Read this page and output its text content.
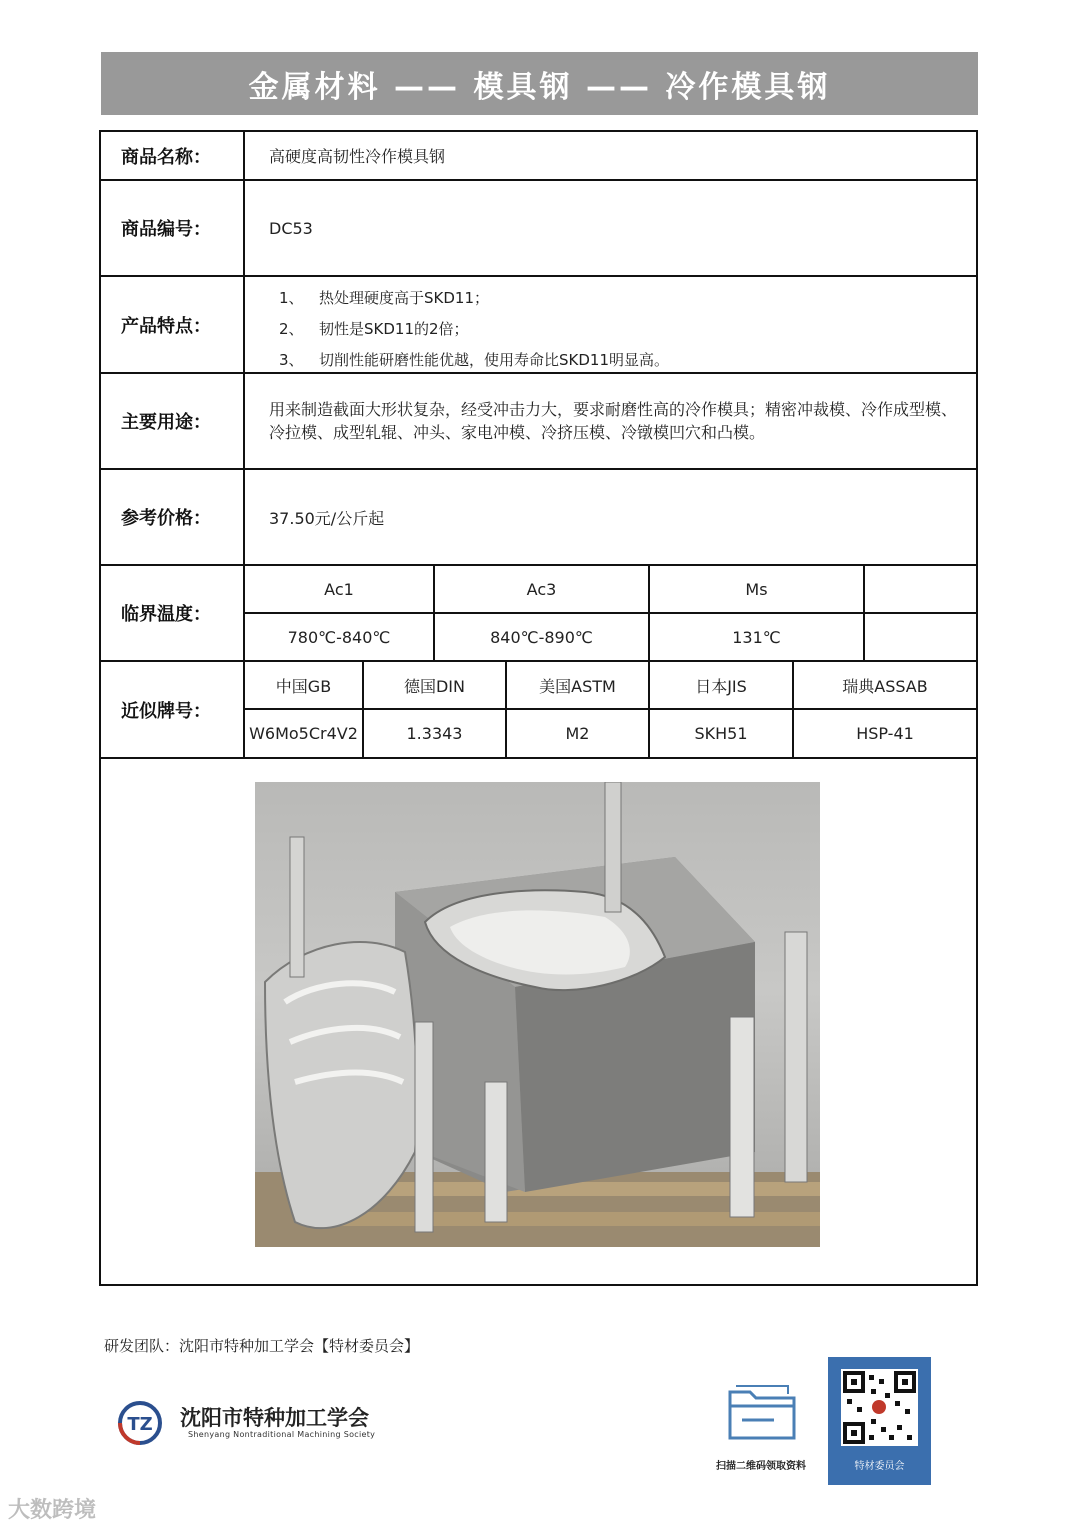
金属材料 —— 模具钢 —— 冷作模具钢
商品名称：	高硬度高韧性冷作模具钢
商品编号：	DC53
产品特点：
1、 热处理硬度高于SKD11；
2、 韧性是SKD11的2倍；
3、 切削性能研磨性能优越，使用寿命比SKD11明显高。
主要用途：
用来制造截面大形状复杂，经受冲击力大，要求耐磨性高的冷作模具；精密冲裁模、冷作成型模、冷拉模、成型轧辊、冲头、家电冲模、冷挤压模、冷镦模凹穴和凸模。
参考价格：	37.50元/公斤起
临界温度：
Ac1	Ac3	Ms
780℃-840℃	840℃-890℃	131℃
近似牌号：
中国GB	德国DIN	美国ASTM	日本JIS	瑞典ASSAB
W6Mo5Cr4V2	1.3343	M2	SKH51	HSP-41
研发团队：沈阳市特种加工学会【特材委员会】
TZ 沈阳市特种加工学会
Shenyang Nontraditional Machining Society
扫描二维码领取资料	特材委员会
大数跨境
